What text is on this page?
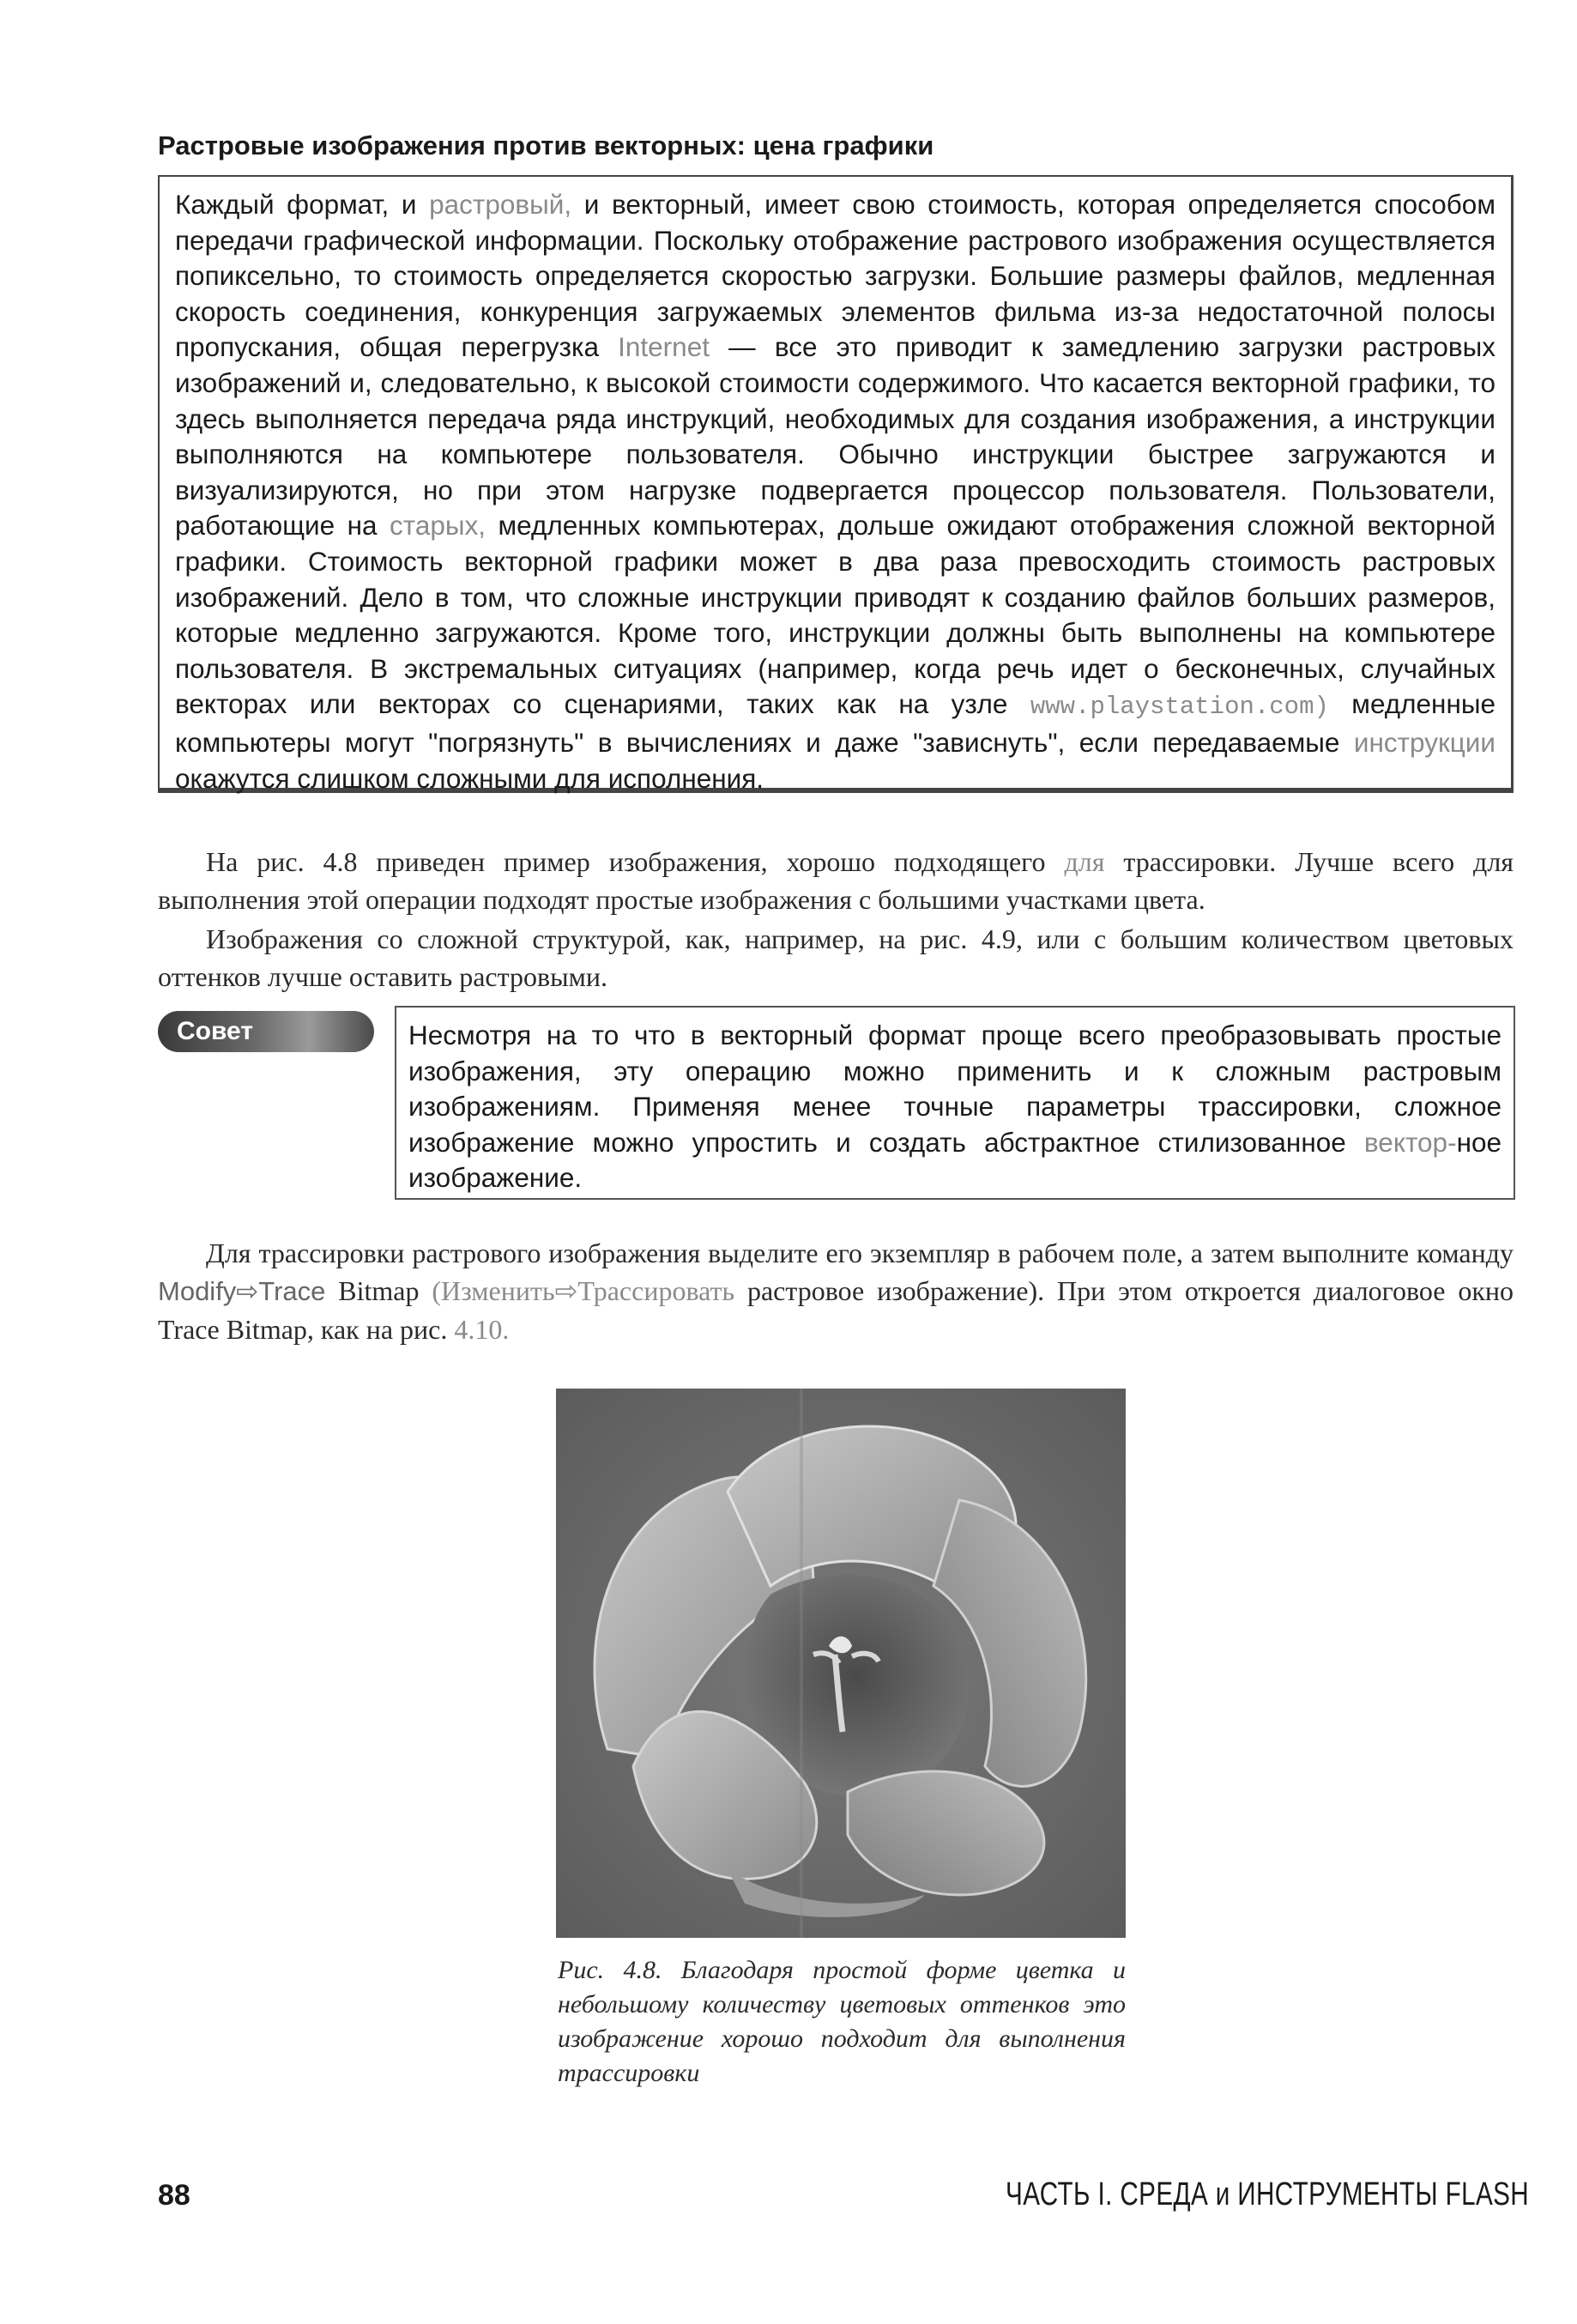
Растровые изображения против векторных: цена графики

Каждый формат, и растровый, и векторный, имеет свою стоимость, которая определяется способом передачи графической информации. Поскольку отображение растрового изображения осуществляется попиксельно, то стоимость определяется скоростью загрузки. Большие размеры файлов, медленная скорость соединения, конкуренция загружаемых элементов фильма из-за недостаточной полосы пропускания, общая перегрузка Internet — все это приводит к замедлению загрузки растровых изображений и, следовательно, к высокой стоимости содержимого. Что касается векторной графики, то здесь выполняется передача ряда инструкций, необходимых для создания изображения, а инструкции выполняются на компьютере пользователя. Обычно инструкции быстрее загружаются и визуализируются, но при этом нагрузке подвергается процессор пользователя. Пользователи, работающие на старых, медленных компьютерах, дольше ожидают отображения сложной векторной графики. Стоимость векторной графики может в два раза превосходить стоимость растровых изображений. Дело в том, что сложные инструкции приводят к созданию файлов больших размеров, которые медленно загружаются. Кроме того, инструкции должны быть выполнены на компьютере пользователя. В экстремальных ситуациях (например, когда речь идет о бесконечных, случайных векторах или векторах со сценариями, таких как на узле www.playstation.com) медленные компьютеры могут "погрязнуть" в вычислениях и даже "зависнуть", если передаваемые инструкции окажутся слишком сложными для исполнения.

На рис. 4.8 приведен пример изображения, хорошо подходящего для трассировки. Лучше всего для выполнения этой операции подходят простые изображения с большими участками цвета.

Изображения со сложной структурой, как, например, на рис. 4.9, или с большим количеством цветовых оттенков лучше оставить растровыми.

Совет	Несмотря на то что в векторный формат проще всего преобразовывать простые изображения, эту операцию можно применить и к сложным растровым изображениям. Применяя менее точные параметры трассировки, сложное изображение можно упростить и создать абстрактное стилизованное вектор-ное изображение.

Для трассировки растрового изображения выделите его экземпляр в рабочем поле, а затем выполните команду Modify⇨Trace Bitmap (Изменить⇨Трассировать растровое изображение). При этом откроется диалоговое окно Trace Bitmap, как на рис. 4.10.

Рис. 4.8. Благодаря простой форме цветка и небольшому количеству цветовых оттенков это изображение хорошо подходит для выполнения трассировки

88	ЧАСТЬ I. СРЕДА и ИНСТРУМЕНТЫ FLASH
